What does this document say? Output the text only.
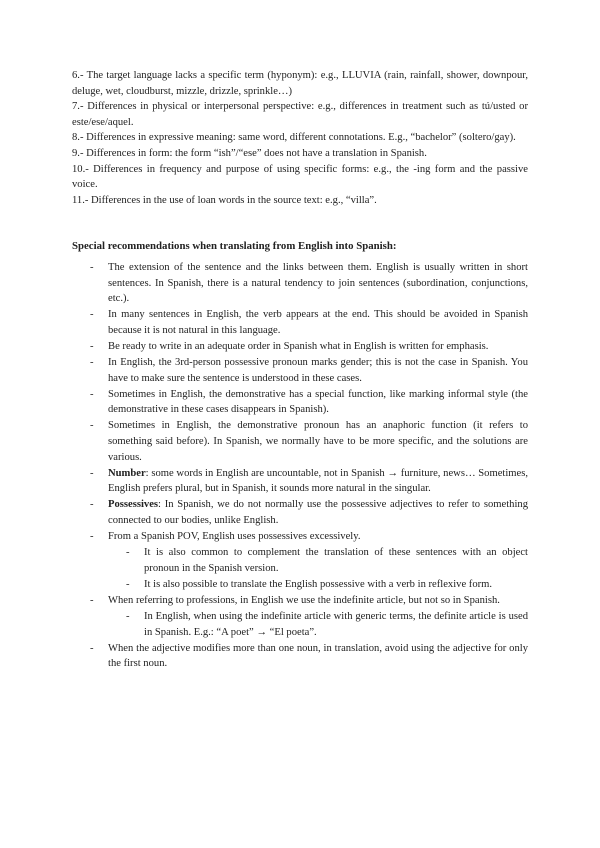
6.- The target language lacks a specific term (hyponym): e.g., LLUVIA (rain, rainfall, shower, downpour, deluge, wet, cloudburst, mizzle, drizzle, sprinkle…)

7.- Differences in physical or interpersonal perspective: e.g., differences in treatment such as tú/usted or este/ese/aquel.

8.- Differences in expressive meaning: same word, different connotations. E.g., “bachelor” (soltero/gay).

9.- Differences in form: the form “ish”/“ese” does not have a translation in Spanish.

10.- Differences in frequency and purpose of using specific forms: e.g., the -ing form and the passive voice.

11.- Differences in the use of loan words in the source text: e.g., “villa”.

Special recommendations when translating from English into Spanish:
- The extension of the sentence and the links between them. English is usually written in short sentences. In Spanish, there is a natural tendency to join sentences (subordination, conjunctions, etc.).
- In many sentences in English, the verb appears at the end. This should be avoided in Spanish because it is not natural in this language.
- Be ready to write in an adequate order in Spanish what in English is written for emphasis.
- In English, the 3rd-person possessive pronoun marks gender; this is not the case in Spanish. You have to make sure the sentence is understood in these cases.
- Sometimes in English, the demonstrative has a special function, like marking informal style (the demonstrative in these cases disappears in Spanish).
- Sometimes in English, the demonstrative pronoun has an anaphoric function (it refers to something said before). In Spanish, we normally have to be more specific, and the solutions are various.
- Number: some words in English are uncountable, not in Spanish → furniture, news… Sometimes, English prefers plural, but in Spanish, it sounds more natural in the singular.
- Possessives: In Spanish, we do not normally use the possessive adjectives to refer to something connected to our bodies, unlike English.
- From a Spanish POV, English uses possessives excessively.
- It is also common to complement the translation of these sentences with an object pronoun in the Spanish version.
- It is also possible to translate the English possessive with a verb in reflexive form.
- When referring to professions, in English we use the indefinite article, but not so in Spanish.
- In English, when using the indefinite article with generic terms, the definite article is used in Spanish. E.g.: “A poet” → “El poeta”.
- When the adjective modifies more than one noun, in translation, avoid using the adjective for only the first noun.
